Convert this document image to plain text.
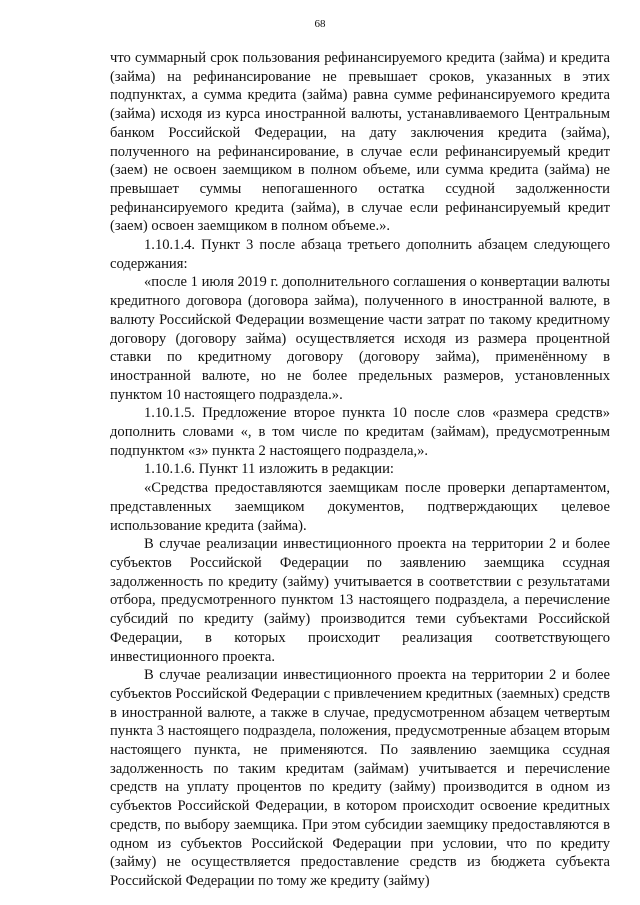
68

что суммарный срок пользования рефинансируемого кредита (займа) и кредита (займа) на рефинансирование не превышает сроков, указанных в этих подпунктах, а сумма кредита (займа) равна сумме рефинансируемого кредита (займа) исходя из курса иностранной валюты, устанавливаемого Центральным банком Российской Федерации, на дату заключения кредита (займа), полученного на рефинансирование, в случае если рефинансируемый кредит (заем) не освоен заемщиком в полном объеме, или сумма кредита (займа) не превышает суммы непогашенного остатка ссудной задолженности рефинансируемого кредита (займа), в случае если рефинансируемый кредит (заем) освоен заемщиком в полном объеме.».

1.10.1.4. Пункт 3 после абзаца третьего дополнить абзацем следующего содержания:

«после 1 июля 2019 г. дополнительного соглашения о конвертации валюты кредитного договора (договора займа), полученного в иностранной валюте, в валюту Российской Федерации возмещение части затрат по такому кредитному договору (договору займа) осуществляется исходя из размера процентной ставки по кредитному договору (договору займа), применённому в иностранной валюте, но не более предельных размеров, установленных пунктом 10 настоящего подраздела.».

1.10.1.5. Предложение второе пункта 10 после слов «размера средств» дополнить словами «, в том числе по кредитам (займам), предусмотренным подпунктом «з» пункта 2 настоящего подраздела,».

1.10.1.6. Пункт 11 изложить в редакции:

«Средства предоставляются заемщикам после проверки департаментом, представленных заемщиком документов, подтверждающих целевое использование кредита (займа).

В случае реализации инвестиционного проекта на территории 2 и более субъектов Российской Федерации по заявлению заемщика ссудная задолженность по кредиту (займу) учитывается в соответствии с результатами отбора, предусмотренного пунктом 13 настоящего подраздела, а перечисление субсидий по кредиту (займу) производится теми субъектами Российской Федерации, в которых происходит реализация соответствующего инвестиционного проекта.

В случае реализации инвестиционного проекта на территории 2 и более субъектов Российской Федерации с привлечением кредитных (заемных) средств в иностранной валюте, а также в случае, предусмотренном абзацем четвертым пункта 3 настоящего подраздела, положения, предусмотренные абзацем вторым настоящего пункта, не применяются. По заявлению заемщика ссудная задолженность по таким кредитам (займам) учитывается и перечисление средств на уплату процентов по кредиту (займу) производится в одном из субъектов Российской Федерации, в котором происходит освоение кредитных средств, по выбору заемщика. При этом субсидии заемщику предоставляются в одном из субъектов Российской Федерации при условии, что по кредиту (займу) не осуществляется предоставление средств из бюджета субъекта Российской Федерации по тому же кредиту (займу)
